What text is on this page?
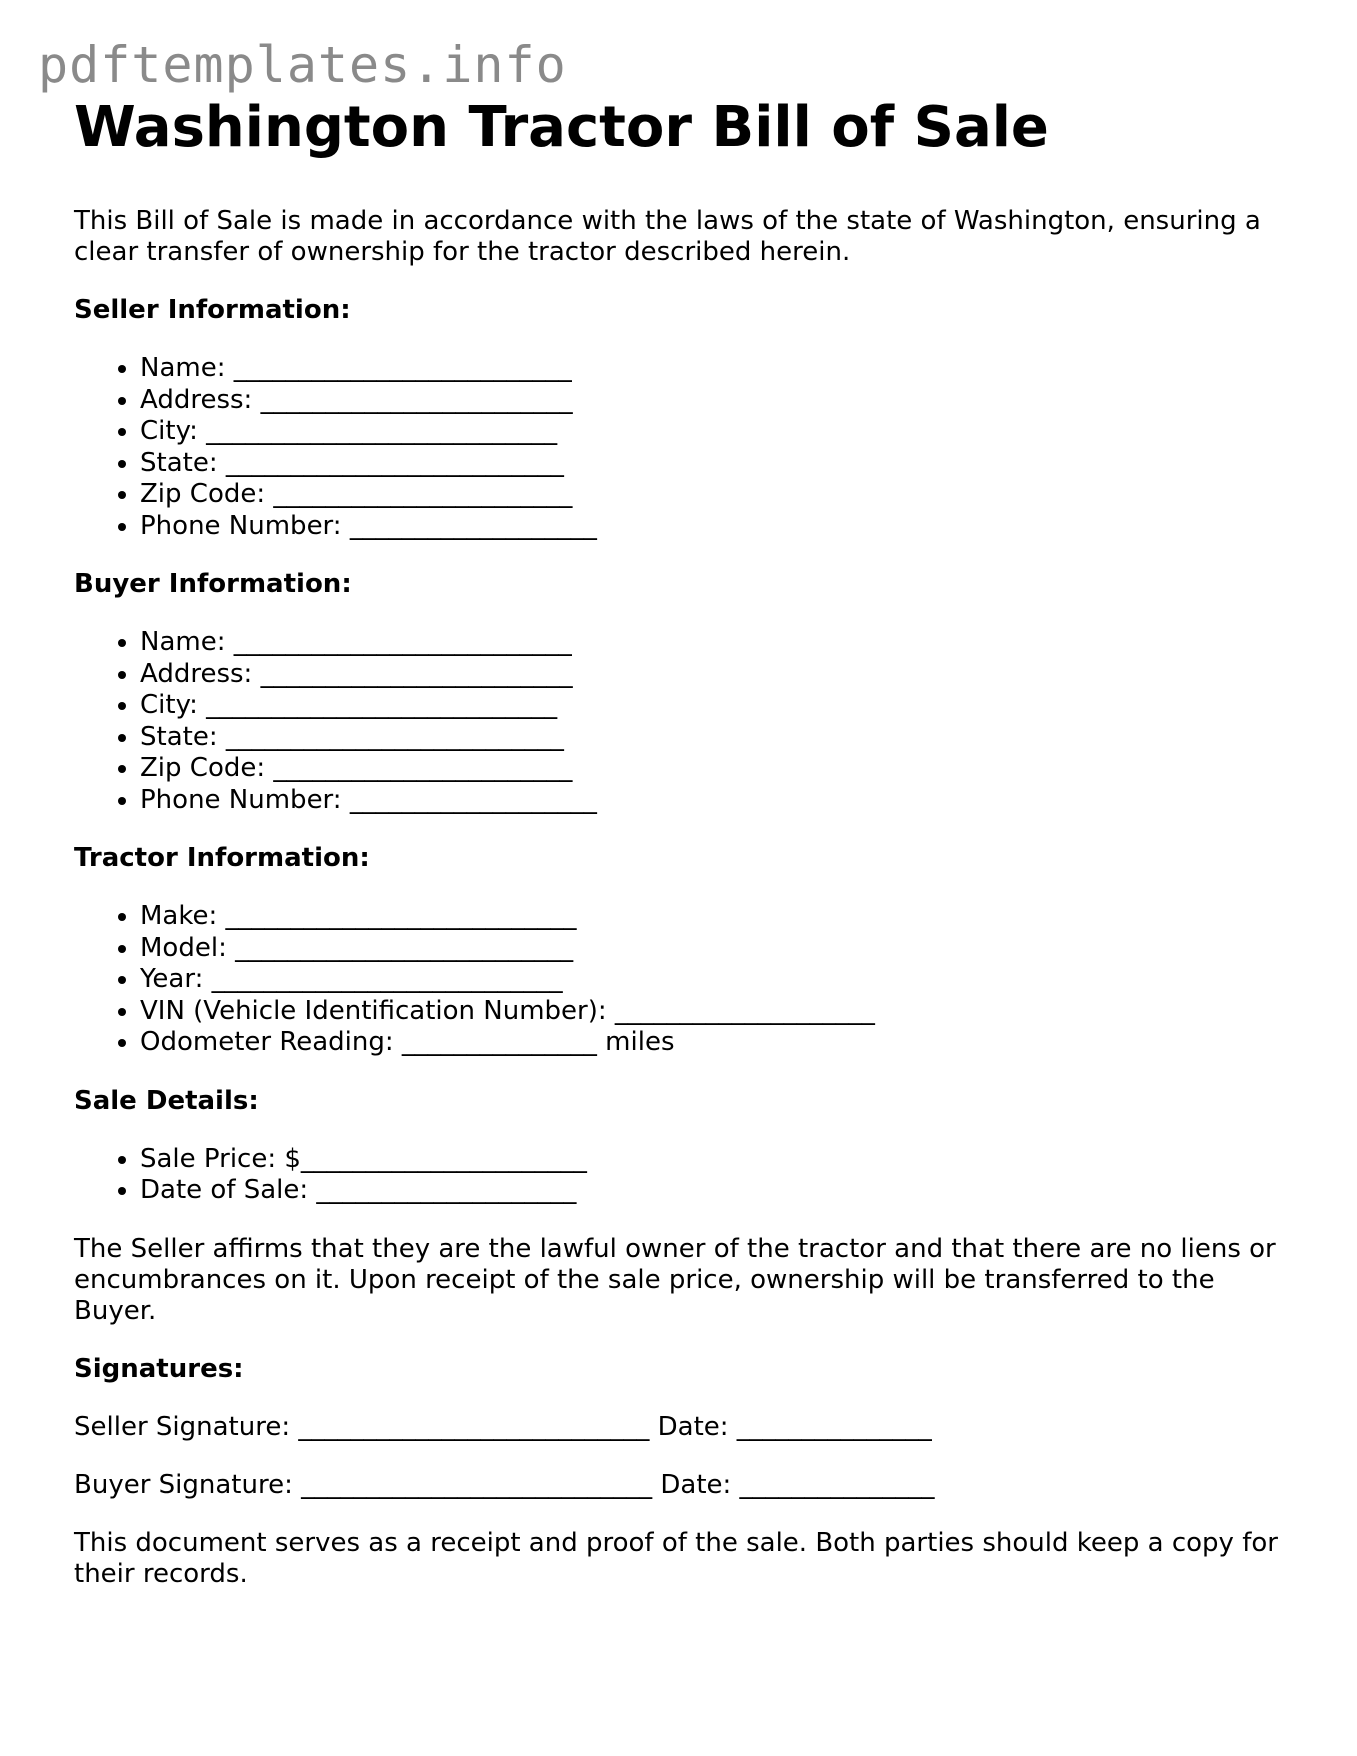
pdftemplates.info
Washington Tractor Bill of Sale

This Bill of Sale is made in accordance with the laws of the state of Washington, ensuring a clear transfer of ownership for the tractor described herein.

Seller Information:
• Name: __________________________
• Address: ________________________
• City: ___________________________
• State: __________________________
• Zip Code: _______________________
• Phone Number: ___________________
Buyer Information:
• Name: __________________________
• Address: ________________________
• City: ___________________________
• State: __________________________
• Zip Code: _______________________
• Phone Number: ___________________
Tractor Information:
• Make: ___________________________
• Model: __________________________
• Year: ___________________________
• VIN (Vehicle Identification Number): ____________________
• Odometer Reading: _______________ miles
Sale Details:
• Sale Price: $______________________
• Date of Sale: ____________________

The Seller affirms that they are the lawful owner of the tractor and that there are no liens or encumbrances on it. Upon receipt of the sale price, ownership will be transferred to the Buyer.

Signatures:
Seller Signature: ___________________________ Date: _______________
Buyer Signature: ___________________________ Date: _______________

This document serves as a receipt and proof of the sale. Both parties should keep a copy for their records.
